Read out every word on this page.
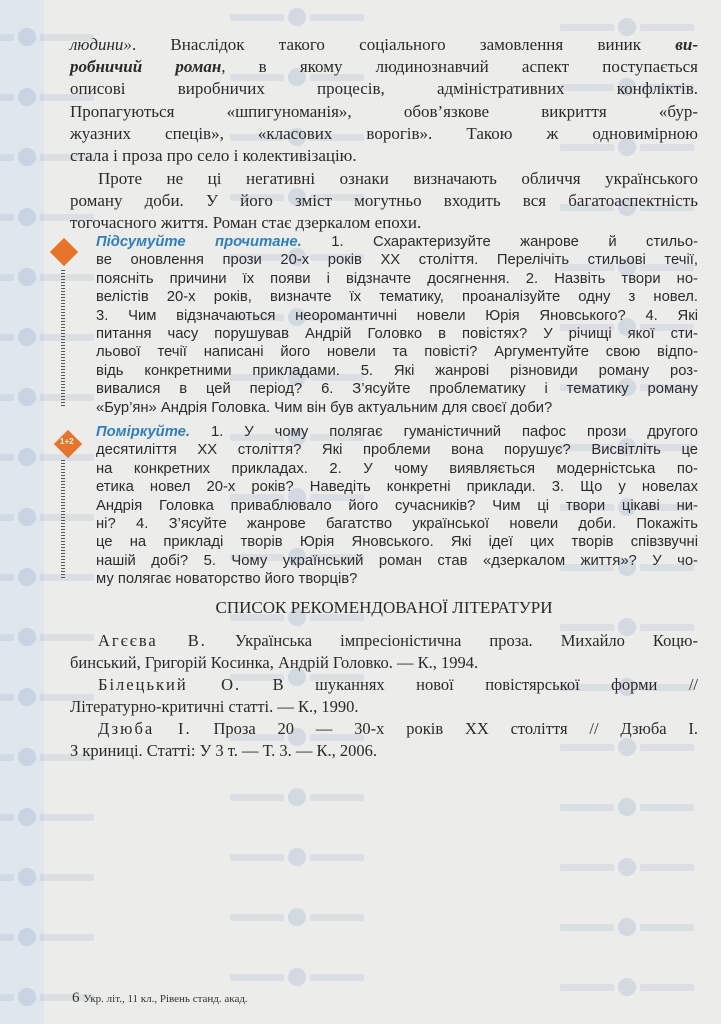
людини». Внаслідок такого соціального замовлення виник ви-
робничий роман, в якому людинознавчий аспект поступається
описові виробничих процесів, адміністративних конфліктів.
Пропагуються «шпигуноманія», обов’язкове викриття «бур-
жуазних спеців», «класових ворогів». Такою ж одновимірною
стала і проза про село і колективізацію.
Проте не ці негативні ознаки визначають обличчя українського
роману доби. У його зміст могутньо входить вся багатоаспектність
тогочасного життя. Роман стає дзеркалом епохи.
Підсумуйте прочитане. 1. Схарактеризуйте жанрове й стильо-
ве оновлення прози 20-х років XX століття. Перелічіть стильові течії,
поясніть причини їх появи і відзначте досягнення. 2. Назвіть твори но-
велістів 20-х років, визначте їх тематику, проаналізуйте одну з новел.
3. Чим відзначаються неоромантичні новели Юрія Яновського? 4. Які
питання часу порушував Андрій Головко в повістях? У річищі якої сти-
льової течії написані його новели та повісті? Аргументуйте свою відпо-
відь конкретними прикладами. 5. Які жанрові різновиди роману роз-
вивалися в цей період? 6. З’ясуйте проблематику і тематику роману
«Бур’ян» Андрія Головка. Чим він був актуальним для своєї доби?
1+2
Поміркуйте. 1. У чому полягає гуманістичний пафос прози другого
десятиліття XX століття? Які проблеми вона порушує? Висвітліть це
на конкретних прикладах. 2. У чому виявляється модерністська по-
етика новел 20-х років? Наведіть конкретні приклади. 3. Що у новелах
Андрія Головка приваблювало його сучасників? Чим ці твори цікаві ни-
ні? 4. З’ясуйте жанрове багатство української новели доби. Покажіть
це на прикладі творів Юрія Яновського. Які ідеї цих творів співзвучні
нашій добі? 5. Чому український роман став «дзеркалом життя»? У чо-
му полягає новаторство його творців?
СПИСОК РЕКОМЕНДОВАНОЇ ЛІТЕРАТУРИ
Агєєва В. Українська імпресіоністична проза. Михайло Коцю-
бинський, Григорій Косинка, Андрій Головко. — К., 1994.
Білецький О. В шуканнях нової повістярської форми //
Літературно-критичні статті. — К., 1990.
Дзюба І. Проза 20 — 30-х років XX століття // Дзюба І.
З криниці. Статті: У 3 т. — Т. 3. — К., 2006.
6 Укр. літ., 11 кл., Рівень станд. акад.
